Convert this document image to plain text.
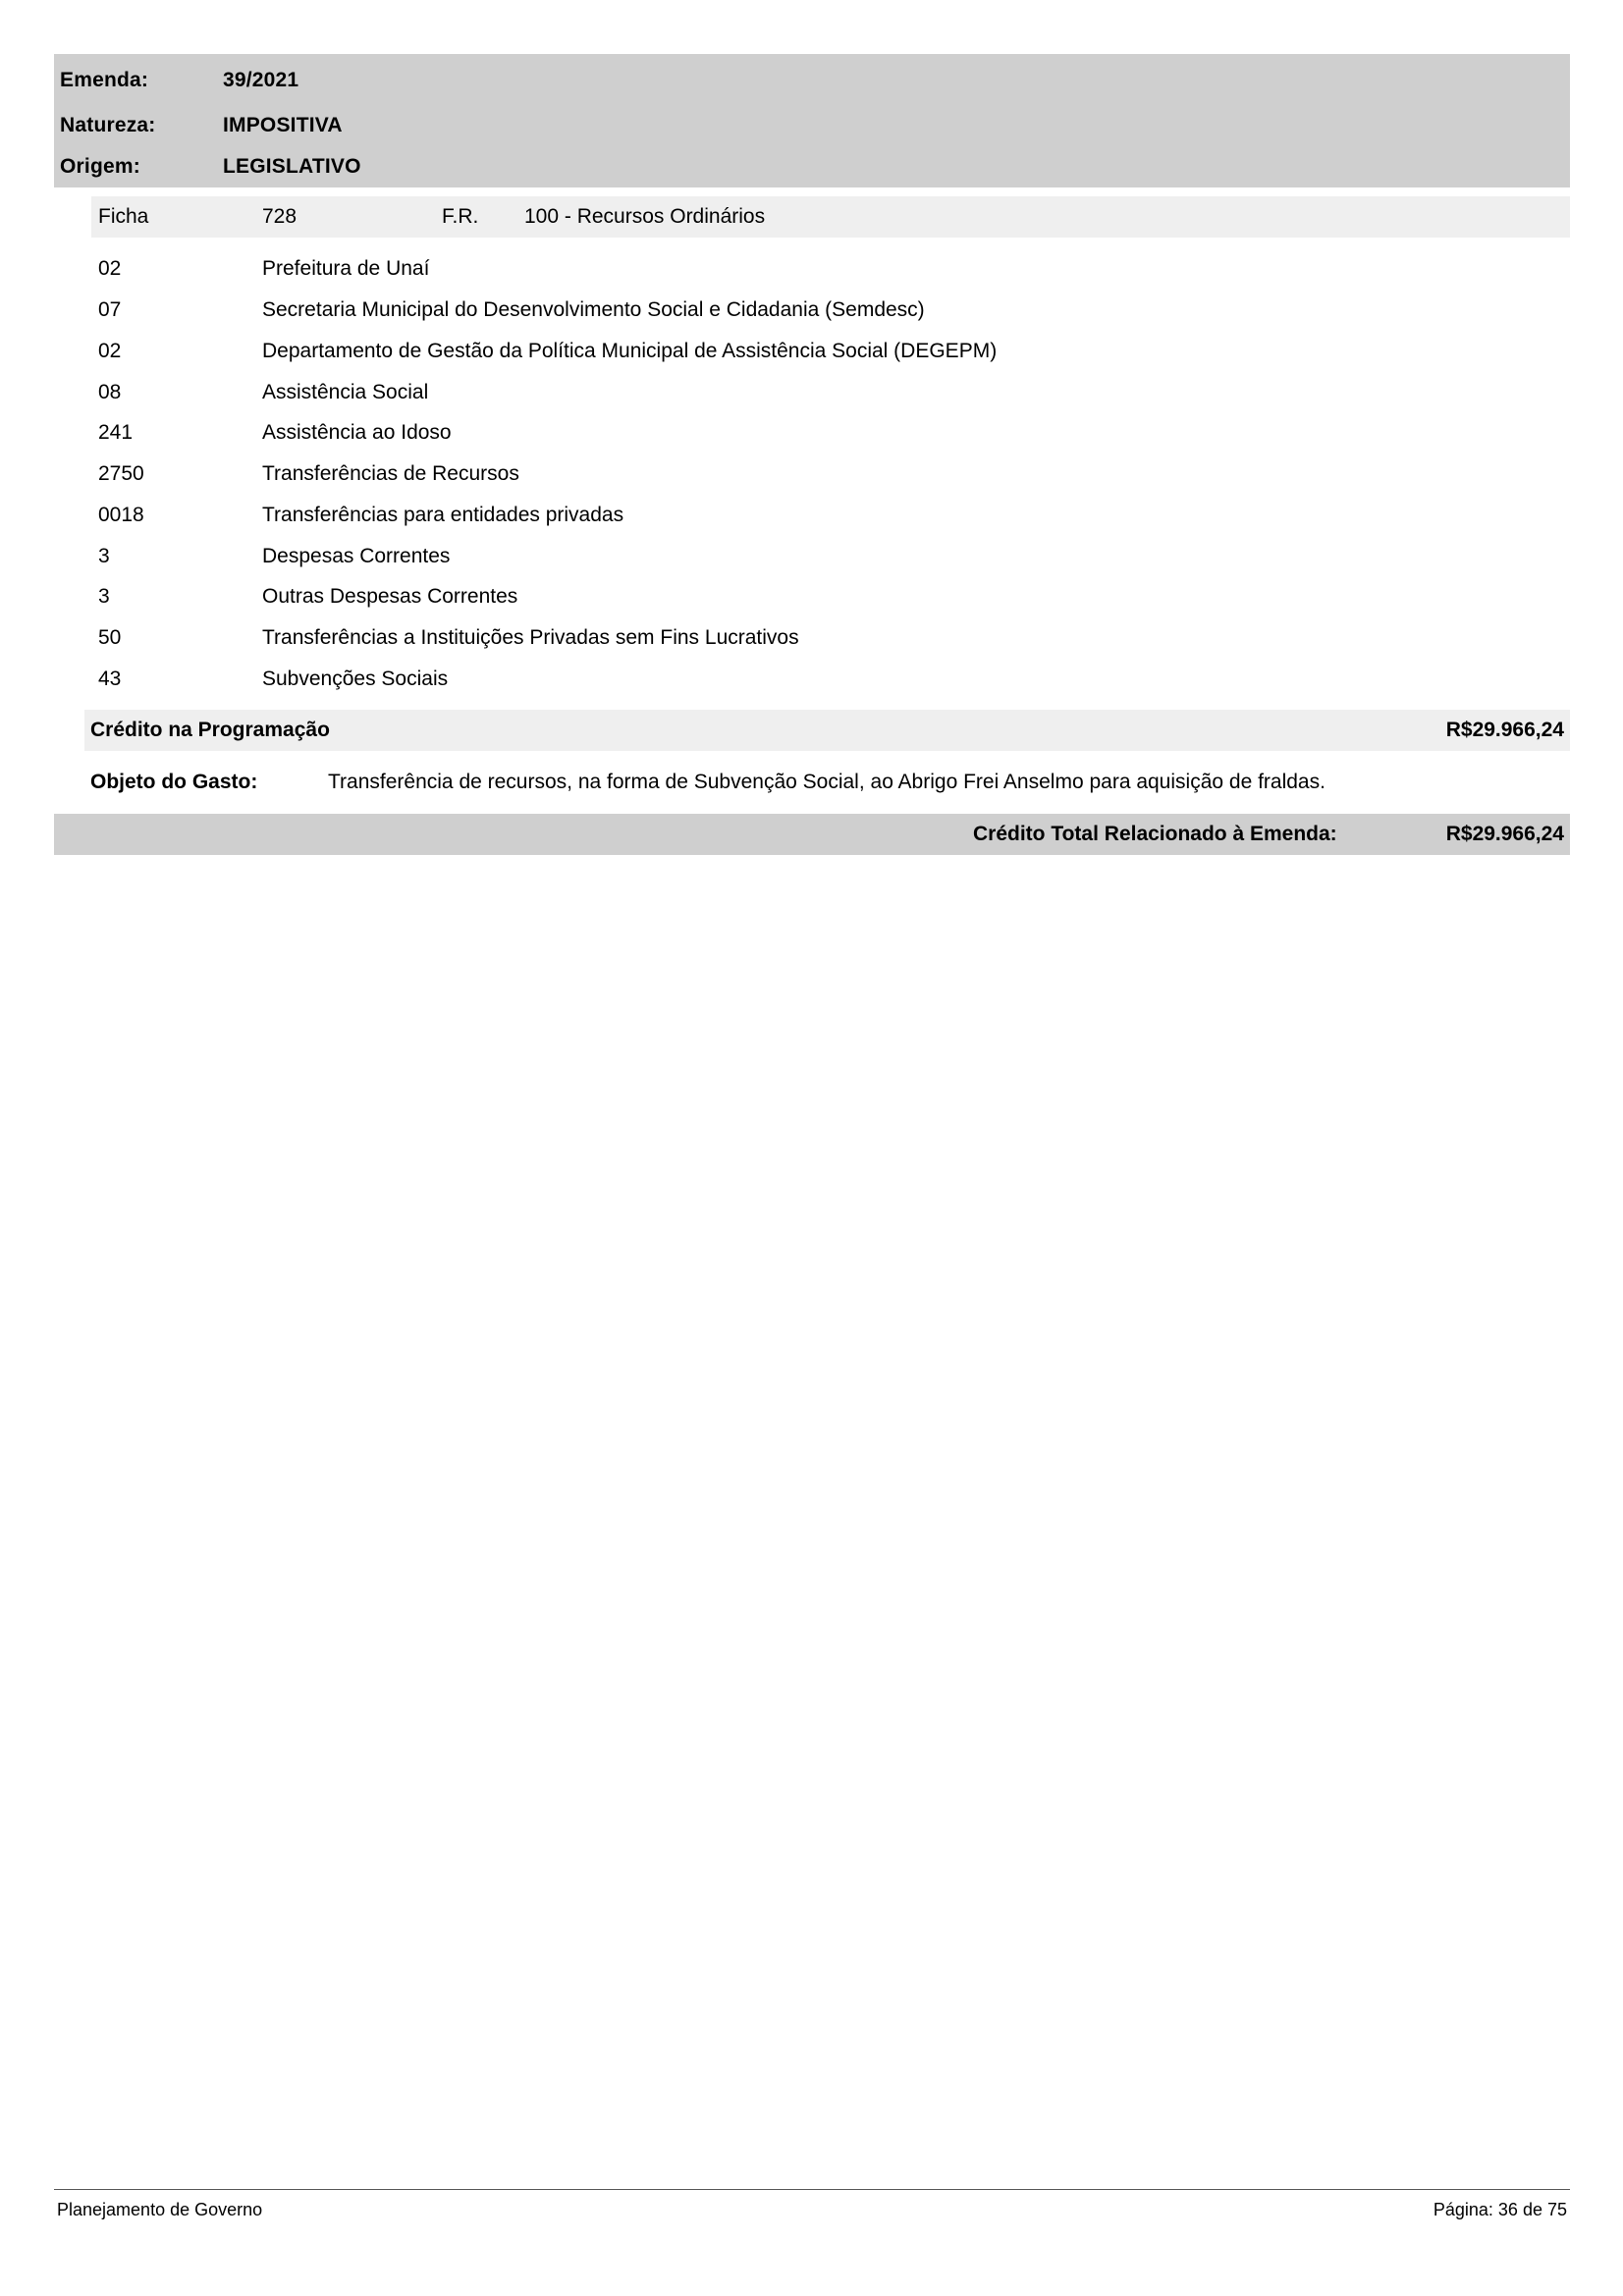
Emenda:	39/2021
Natureza:	IMPOSITIVA
Origem:	LEGISLATIVO
Ficha	728	F.R. 100 - Recursos Ordinários
02	Prefeitura de Unaí
07	Secretaria Municipal do Desenvolvimento Social e Cidadania (Semdesc)
02	Departamento de Gestão da Política Municipal de Assistência Social (DEGEPM)
08	Assistência Social
241	Assistência ao Idoso
2750	Transferências de Recursos
0018	Transferências para entidades privadas
3	Despesas Correntes
3	Outras Despesas Correntes
50	Transferências a Instituições Privadas sem Fins Lucrativos
43	Subvenções Sociais
Crédito na Programação	R$29.966,24
Objeto do Gasto:	Transferência de recursos, na forma de Subvenção Social, ao Abrigo Frei Anselmo para aquisição de fraldas.
Crédito Total Relacionado à Emenda:	R$29.966,24
Planejamento de Governo	Página: 36 de 75
